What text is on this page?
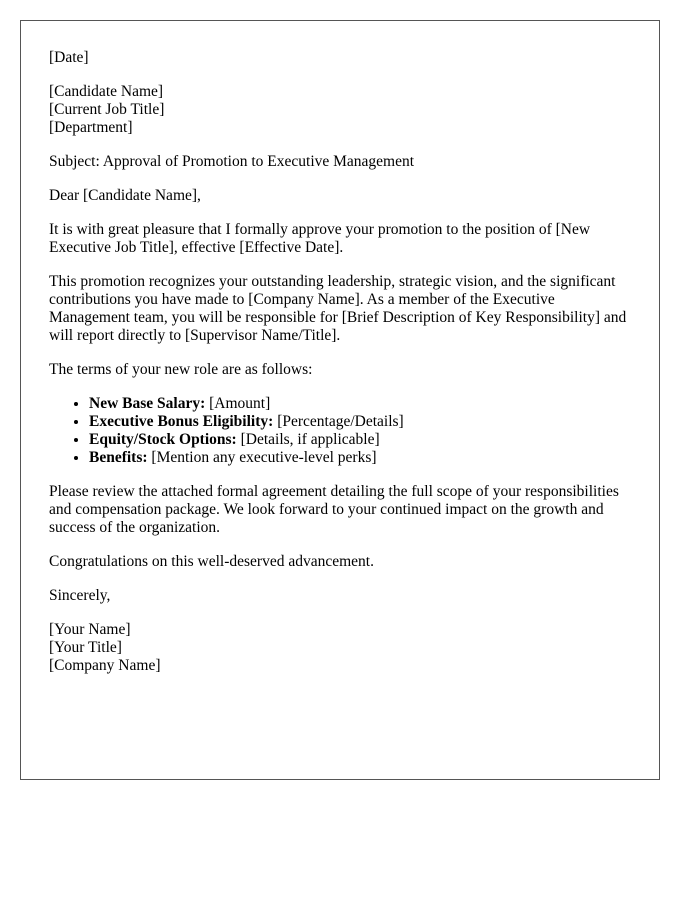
[Date]
[Candidate Name]
[Current Job Title]
[Department]

Subject: Approval of Promotion to Executive Management

Dear [Candidate Name],

It is with great pleasure that I formally approve your promotion to the position of [New Executive Job Title], effective [Effective Date].

This promotion recognizes your outstanding leadership, strategic vision, and the significant contributions you have made to [Company Name]. As a member of the Executive Management team, you will be responsible for [Brief Description of Key Responsibility] and will report directly to [Supervisor Name/Title].

The terms of your new role are as follows:

• New Base Salary: [Amount]
• Executive Bonus Eligibility: [Percentage/Details]
• Equity/Stock Options: [Details, if applicable]
• Benefits: [Mention any executive-level perks]

Please review the attached formal agreement detailing the full scope of your responsibilities and compensation package. We look forward to your continued impact on the growth and success of the organization.

Congratulations on this well-deserved advancement.

Sincerely,

[Your Name]
[Your Title]
[Company Name]
